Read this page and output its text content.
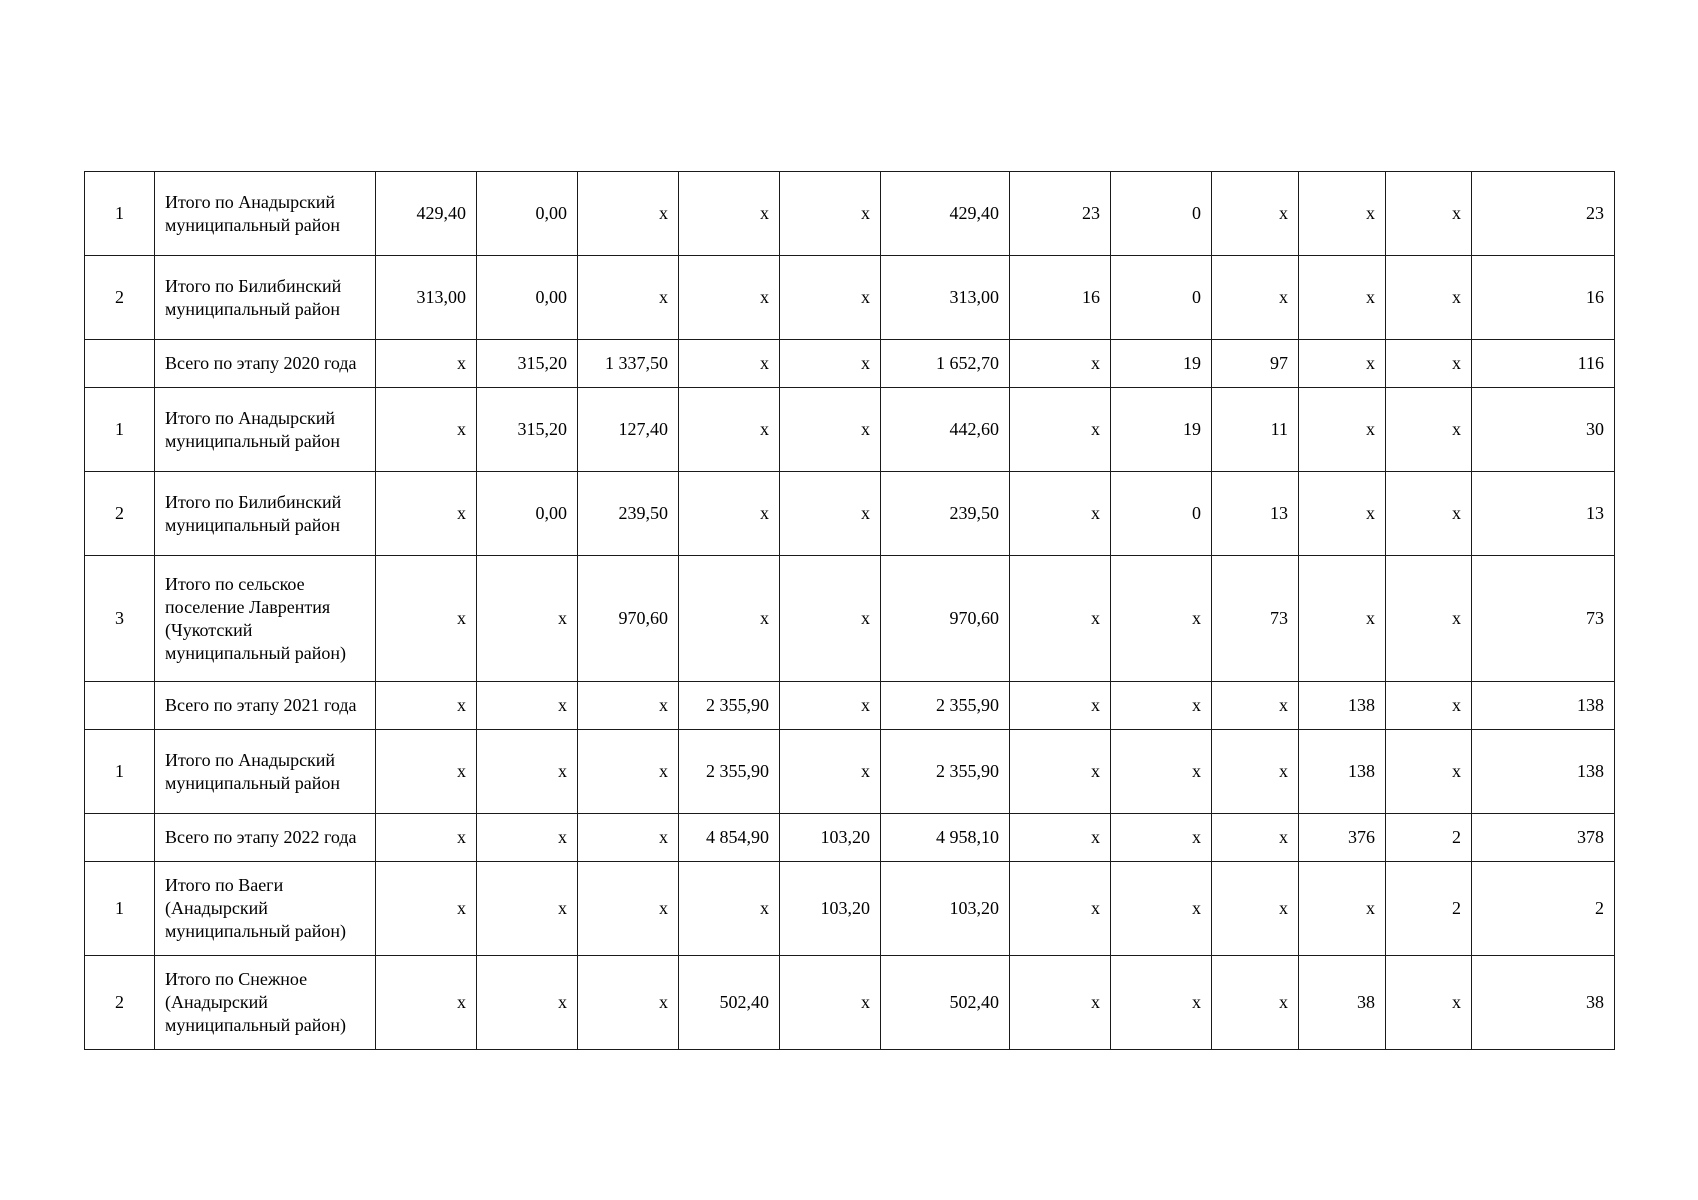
1	Итого по Анадырский муниципальный район	429,40	0,00	х	х	х	429,40	23	0	х	х	х	23
2	Итого по Билибинский муниципальный район	313,00	0,00	х	х	х	313,00	16	0	х	х	х	16
	Всего по этапу 2020 года	х	315,20	1 337,50	х	х	1 652,70	х	19	97	х	х	116
1	Итого по Анадырский муниципальный район	х	315,20	127,40	х	х	442,60	х	19	11	х	х	30
2	Итого по Билибинский муниципальный район	х	0,00	239,50	х	х	239,50	х	0	13	х	х	13
3	Итого по сельское поселение Лаврентия (Чукотский муниципальный район)	х	х	970,60	х	х	970,60	х	х	73	х	х	73
	Всего по этапу 2021 года	х	х	х	2 355,90	х	2 355,90	х	х	х	138	х	138
1	Итого по Анадырский муниципальный район	х	х	х	2 355,90	х	2 355,90	х	х	х	138	х	138
	Всего по этапу 2022 года	х	х	х	4 854,90	103,20	4 958,10	х	х	х	376	2	378
1	Итого по Ваеги (Анадырский муниципальный район)	х	х	х	х	103,20	103,20	х	х	х	х	2	2
2	Итого по Снежное (Анадырский муниципальный район)	х	х	х	502,40	х	502,40	х	х	х	38	х	38
